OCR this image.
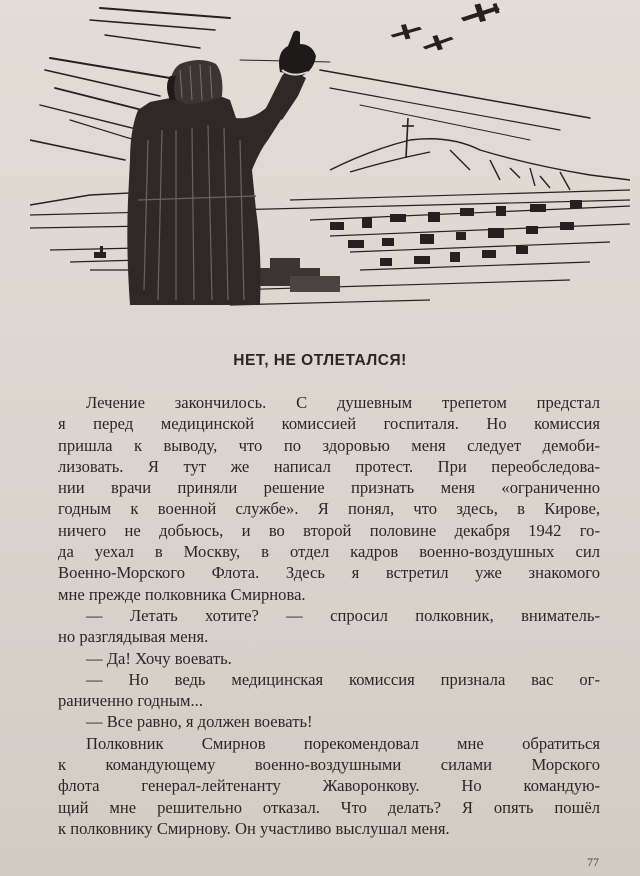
НЕТ, НЕ ОТЛЕТАЛСЯ!
Лечение закончилось. С душевным трепетом предстал
я перед медицинской комиссией госпиталя. Но комиссия
пришла к выводу, что по здоровью меня следует демоби-
лизовать. Я тут же написал протест. При переобследова-
нии врачи приняли решение признать меня «ограниченно
годным к военной службе». Я понял, что здесь, в Кирове,
ничего не добьюсь, и во второй половине декабря 1942 го-
да уехал в Москву, в отдел кадров военно-воздушных сил
Военно-Морского Флота. Здесь я встретил уже знакомого
мне прежде полковника Смирнова.
— Летать хотите? — спросил полковник, вниматель-
но разглядывая меня.
— Да! Хочу воевать.
— Но ведь медицинская комиссия признала вас ог-
раниченно годным...
— Все равно, я должен воевать!
Полковник Смирнов порекомендовал мне обратиться
к командующему военно-воздушными силами Морского
флота генерал-лейтенанту Жаворонкову. Но командую-
щий мне решительно отказал. Что делать? Я опять пошёл
к полковнику Смирнову. Он участливо выслушал меня.
77
